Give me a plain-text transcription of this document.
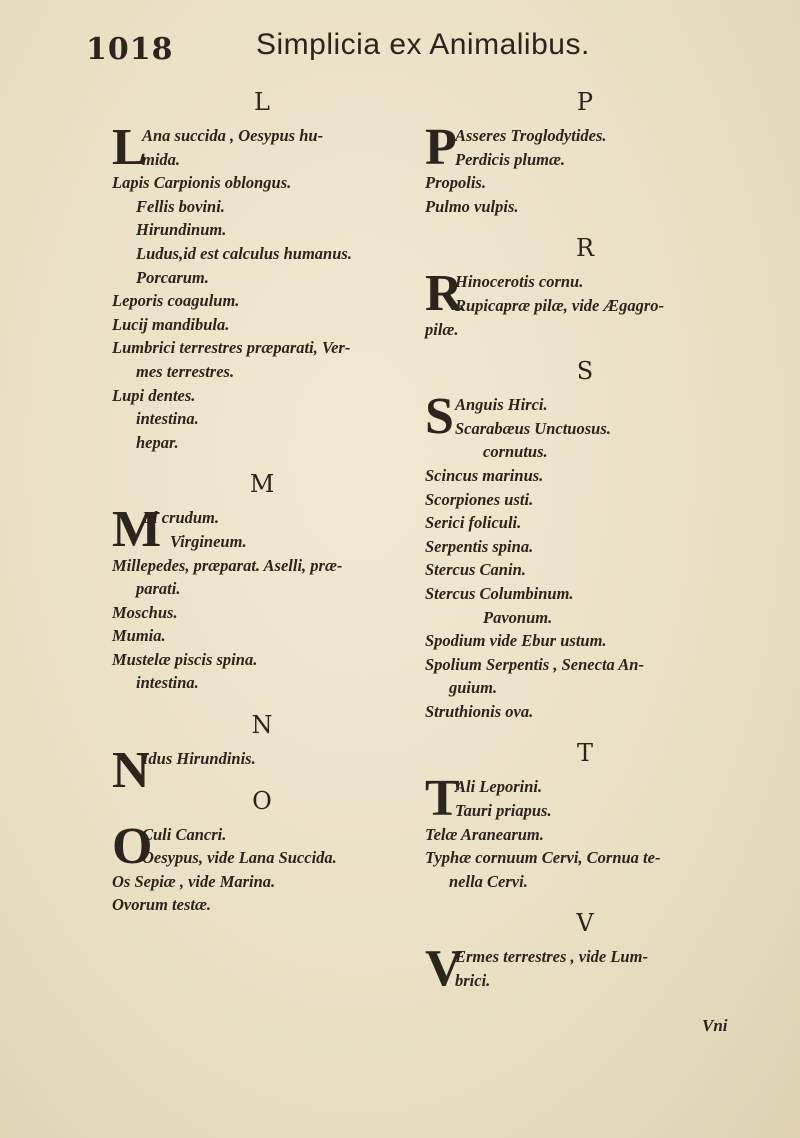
1018	Simplicia ex Animalibus.
L
L
Ana succida , Oesypus hu-
mida.
Lapis Carpionis oblongus.
Fellis bovini.
Hirundinum.
Ludus,id est calculus humanus.
Porcarum.
Leporis coagulum.
Lucij mandibula.
Lumbrici terrestres præparati, Ver-
mes terrestres.
Lupi dentes.
intestina.
hepar.
M
M
El crudum.
Virgineum.
Millepedes, præparat. Aselli, præ-
parati.
Moschus.
Mumia.
Mustelæ piscis spina.
intestina.
N
N
Idus Hirundinis.
O
O
Culi Cancri.
Oesypus, vide Lana Succida.
Os Sepiæ , vide Marina.
Ovorum testæ.
P
P
Asseres Troglodytides.
Perdicis plumæ.
Propolis.
Pulmo vulpis.
R
R
Hinocerotis cornu.
Rupicapræ pilæ, vide Ægagro-
pilæ.
S
S Anguis Hirci.
Scarabæus Unctuosus.
cornutus.
Scincus marinus.
Scorpiones usti.
Serici foliculi.
Serpentis spina.
Stercus Canin.
Stercus Columbinum.
Pavonum.
Spodium vide Ebur ustum.
Spolium Serpentis , Senecta An-
guium.
Struthionis ova.
T
T
Ali Leporini.
Tauri priapus.
Telæ Aranearum.
Typhæ cornuum Cervi, Cornua te-
nella Cervi.
V
V
Ermes terrestres , vide Lum-
brici.
Vni
